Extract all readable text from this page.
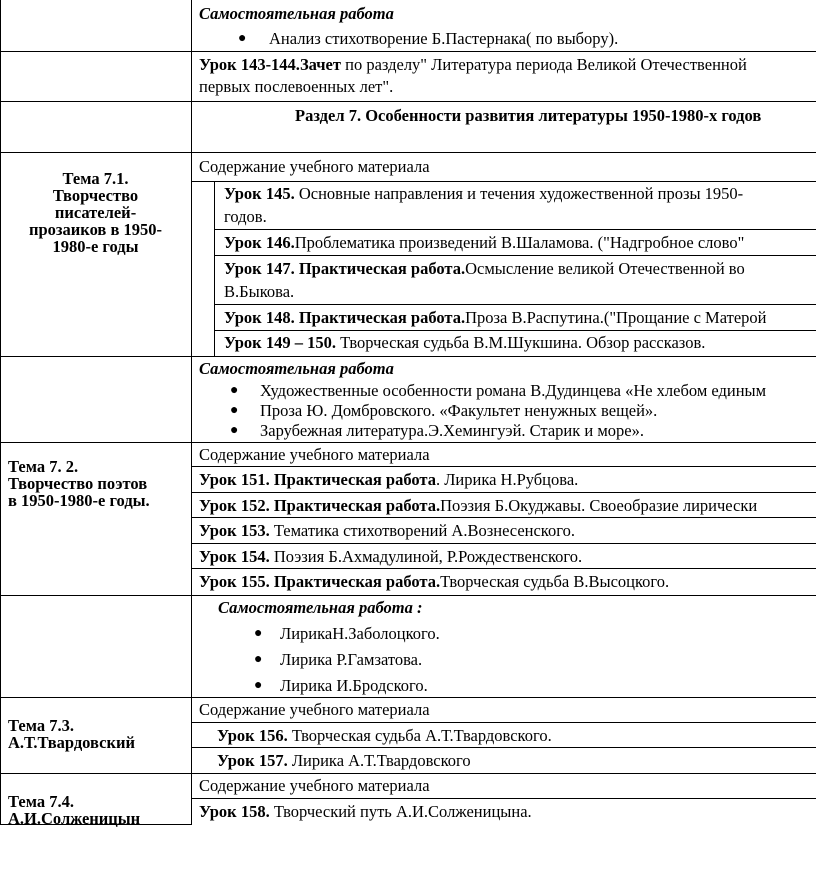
Самостоятельная работа
● Анализ стихотворение Б.Пастернака( по выбору).
Урок 143-144.Зачет по разделу" Литература периода Великой Отечественной
первых послевоенных лет".
Раздел 7. Особенности развития литературы 1950-1980-х годов
Тема 7.1.
Творчество
писателей-
прозаиков в 1950-
1980-е годы
Содержание учебного материала
Урок 145. Основные направления и течения художественной прозы 1950-
годов.
Урок 146.Проблематика произведений В.Шаламова. ("Надгробное слово"
Урок 147. Практическая работа.Осмысление великой Отечественной во
В.Быкова.
Урок 148. Практическая работа.Проза В.Распутина.("Прощание с Матерой
Урок 149 – 150. Творческая судьба В.М.Шукшина. Обзор рассказов.
Самостоятельная работа
● Художественные особенности романа В.Дудинцева «Не хлебом единым
● Проза Ю. Домбровского. «Факультет ненужных вещей».
● Зарубежная литература.Э.Хемингуэй. Старик и море».
Тема 7. 2.
Творчество поэтов
в 1950-1980-е годы.
Содержание учебного материала
Урок 151. Практическая работа. Лирика Н.Рубцова.
Урок 152. Практическая работа.Поэзия Б.Окуджавы. Своеобразие лирически
Урок 153. Тематика стихотворений А.Вознесенского.
Урок 154. Поэзия Б.Ахмадулиной, Р.Рождественского.
Урок 155. Практическая работа.Творческая судьба В.Высоцкого.
Самостоятельная работа :
● ЛирикаН.Заболоцкого.
● Лирика Р.Гамзатова.
● Лирика И.Бродского.
Тема 7.3.
А.Т.Твардовский
Содержание учебного материала
Урок 156. Творческая судьба А.Т.Твардовского.
Урок 157. Лирика А.Т.Твардовского
Тема 7.4.
А.И.Солженицын
Содержание учебного материала
Урок 158. Творческий путь А.И.Солженицына.
